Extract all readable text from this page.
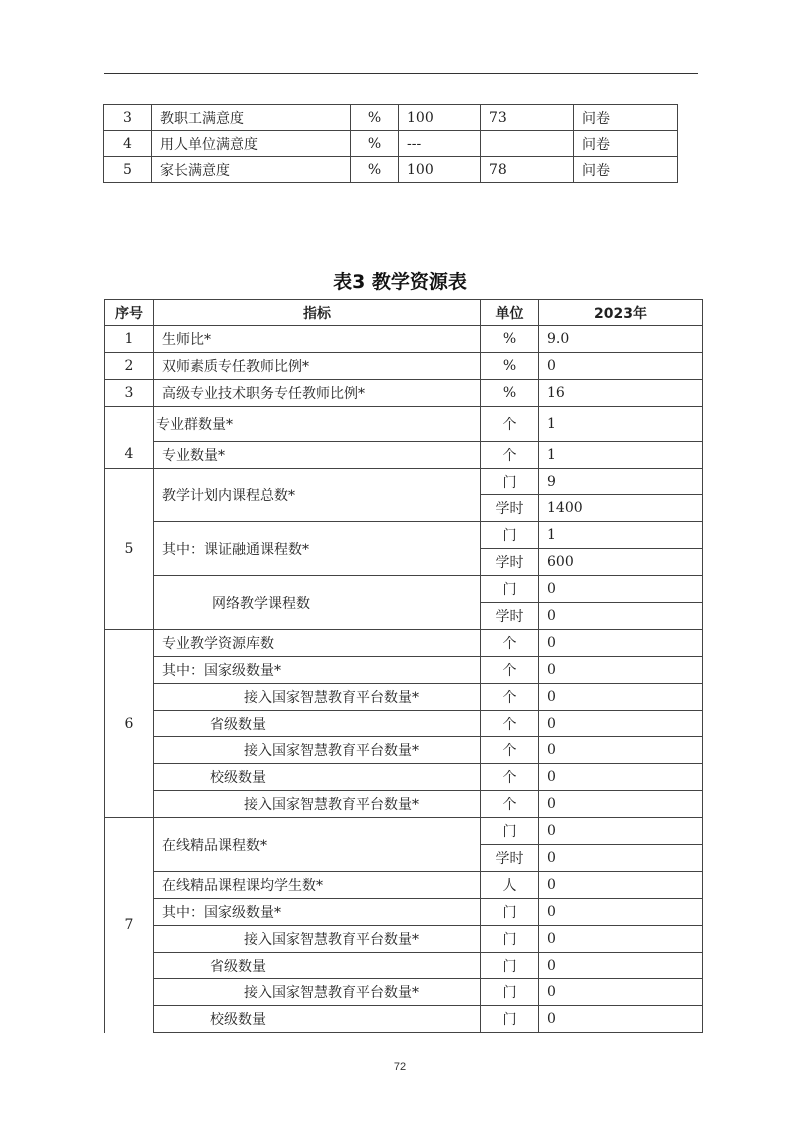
3	教职工满意度	%	100	73	问卷
4	用人单位满意度	%	---		问卷
5	家长满意度	%	100	78	问卷
表3 教学资源表
序号	指标	单位	2023年
1	生师比*	%	9.0
2	双师素质专任教师比例*	%	0
3	高级专业技术职务专任教师比例*	%	16
4	专业群数量*	个	1
	专业数量*	个	1
5	教学计划内课程总数*	门	9
		学时	1400
	其中：课证融通课程数*	门	1
		学时	600
	网络教学课程数	门	0
		学时	0
6	专业教学资源库数	个	0
	其中：国家级数量*	个	0
	接入国家智慧教育平台数量*	个	0
	省级数量	个	0
	接入国家智慧教育平台数量*	个	0
	校级数量	个	0
	接入国家智慧教育平台数量*	个	0
7	在线精品课程数*	门	0
		学时	0
	在线精品课程课均学生数*	人	0
	其中：国家级数量*	门	0
	接入国家智慧教育平台数量*	门	0
	省级数量	门	0
	接入国家智慧教育平台数量*	门	0
	校级数量	门	0
72
